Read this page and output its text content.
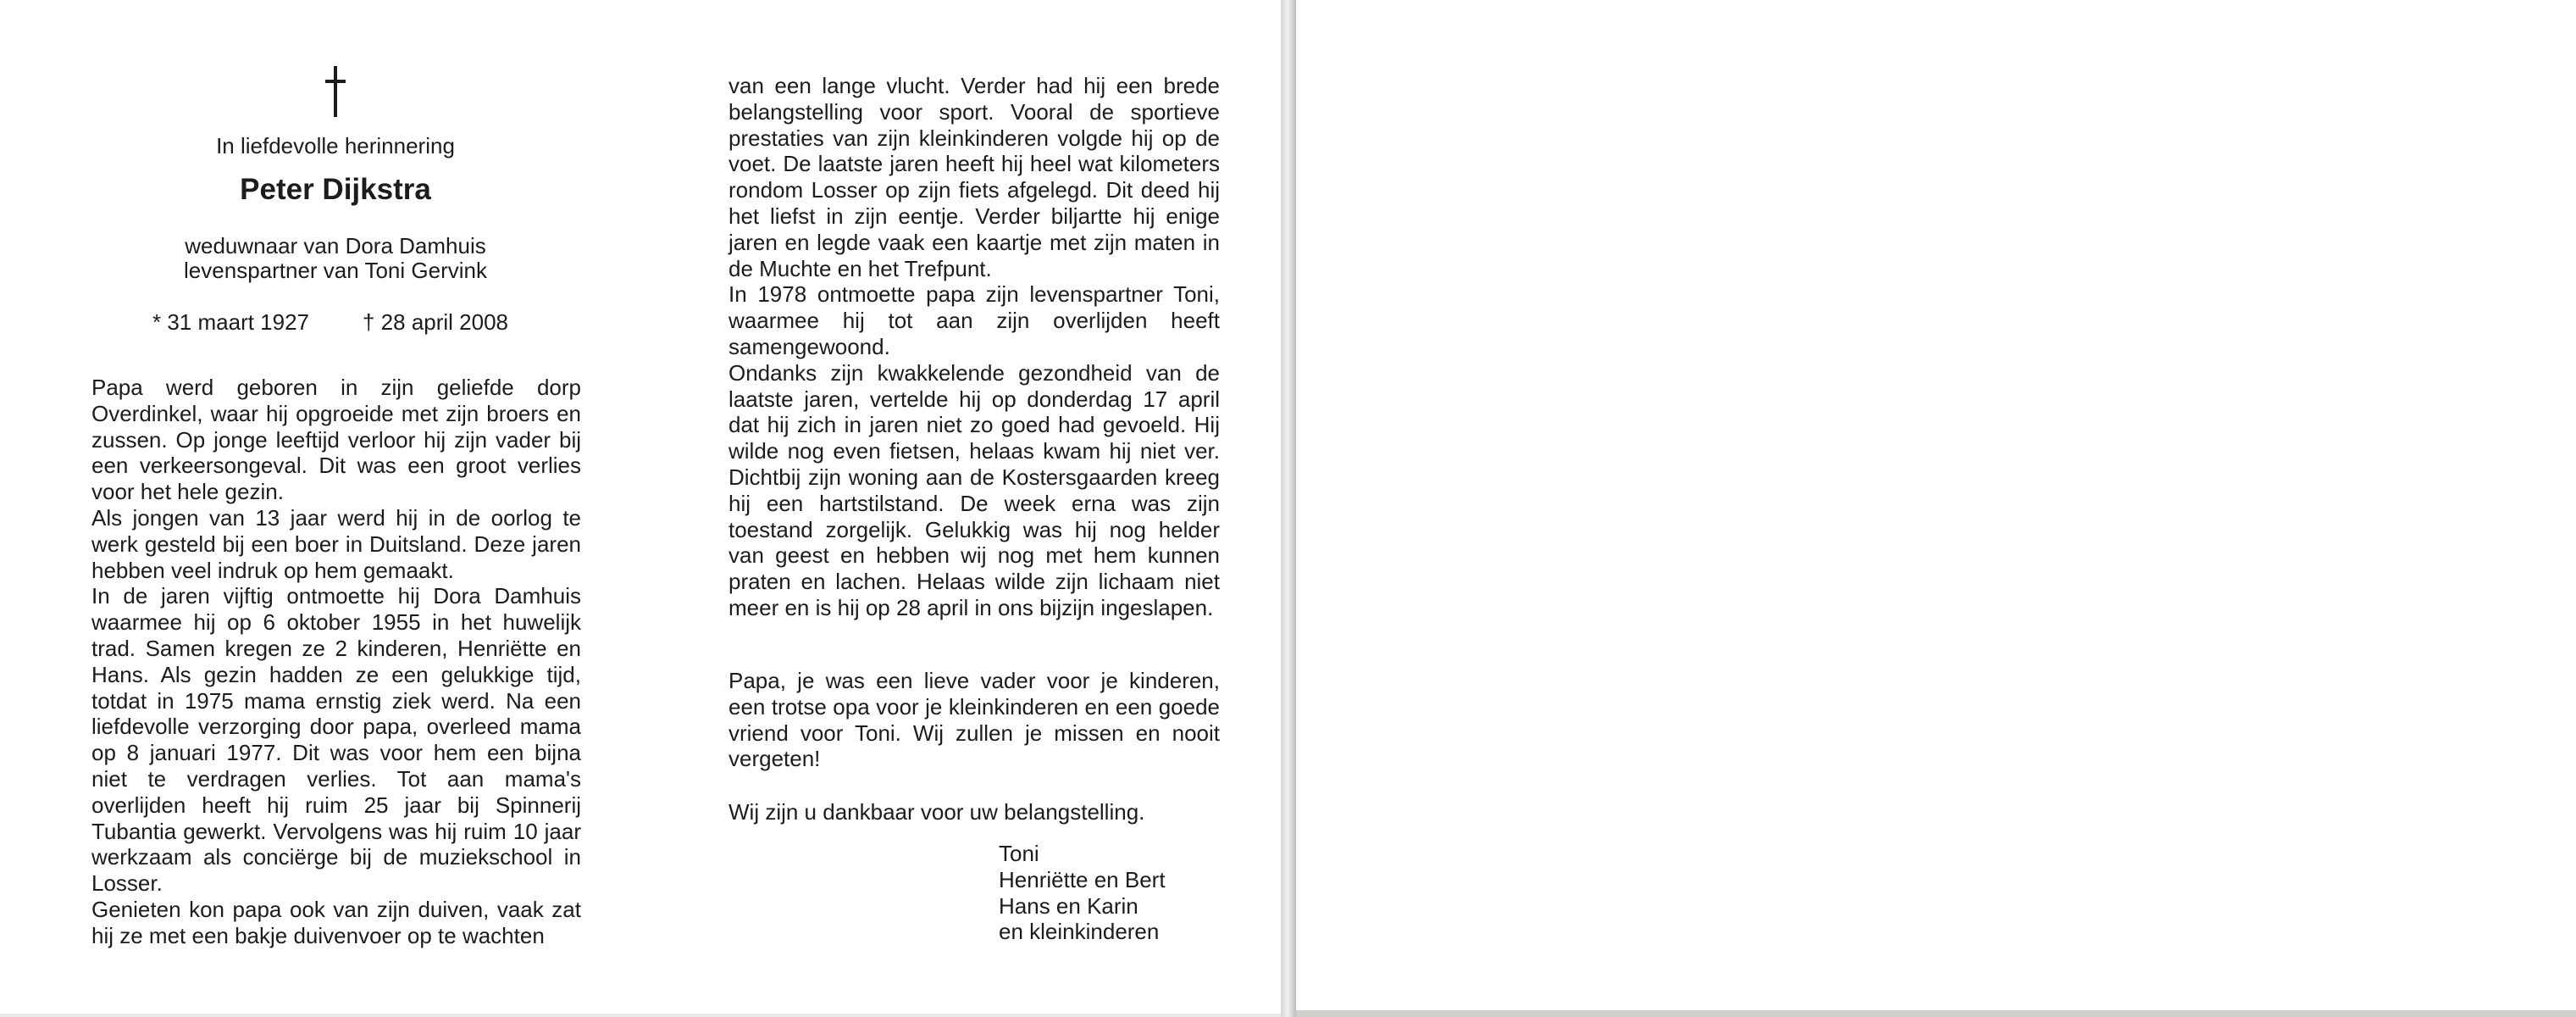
In liefdevolle herinnering
Peter Dijkstra
weduwnaar van Dora Damhuis
levenspartner van Toni Gervink
* 31 maart 1927 † 28 april 2008
Papa werd geboren in zijn geliefde dorp Overdinkel, waar hij opgroeide met zijn broers en zussen. Op jonge leeftijd verloor hij zijn vader bij een verkeersongeval. Dit was een groot verlies voor het hele gezin.
Als jongen van 13 jaar werd hij in de oorlog te werk gesteld bij een boer in Duitsland. Deze jaren hebben veel indruk op hem gemaakt.
In de jaren vijftig ontmoette hij Dora Damhuis waarmee hij op 6 oktober 1955 in het huwelijk trad. Samen kregen ze 2 kinderen, Henriëtte en Hans. Als gezin hadden ze een gelukkige tijd, totdat in 1975 mama ernstig ziek werd. Na een liefdevolle verzorging door papa, overleed mama op 8 januari 1977. Dit was voor hem een bijna niet te verdragen verlies. Tot aan mama's overlijden heeft hij ruim 25 jaar bij Spinnerij Tubantia gewerkt. Vervolgens was hij ruim 10 jaar werkzaam als conciërge bij de muziekschool in Losser.
Genieten kon papa ook van zijn duiven, vaak zat hij ze met een bakje duivenvoer op te wachten
van een lange vlucht. Verder had hij een brede belangstelling voor sport. Vooral de sportieve prestaties van zijn kleinkinderen volgde hij op de voet. De laatste jaren heeft hij heel wat kilometers rondom Losser op zijn fiets afgelegd. Dit deed hij het liefst in zijn eentje. Verder biljartte hij enige jaren en legde vaak een kaartje met zijn maten in de Muchte en het Trefpunt.
In 1978 ontmoette papa zijn levenspartner Toni, waarmee hij tot aan zijn overlijden heeft samengewoond.
Ondanks zijn kwakkelende gezondheid van de laatste jaren, vertelde hij op donderdag 17 april dat hij zich in jaren niet zo goed had gevoeld. Hij wilde nog even fietsen, helaas kwam hij niet ver. Dichtbij zijn woning aan de Kostersgaarden kreeg hij een hartstilstand. De week erna was zijn toestand zorgelijk. Gelukkig was hij nog helder van geest en hebben wij nog met hem kunnen praten en lachen. Helaas wilde zijn lichaam niet meer en is hij op 28 april in ons bijzijn ingeslapen.
Papa, je was een lieve vader voor je kinderen, een trotse opa voor je kleinkinderen en een goede vriend voor Toni. Wij zullen je missen en nooit vergeten!
Wij zijn u dankbaar voor uw belangstelling.
Toni
Henriëtte en Bert
Hans en Karin
en kleinkinderen
